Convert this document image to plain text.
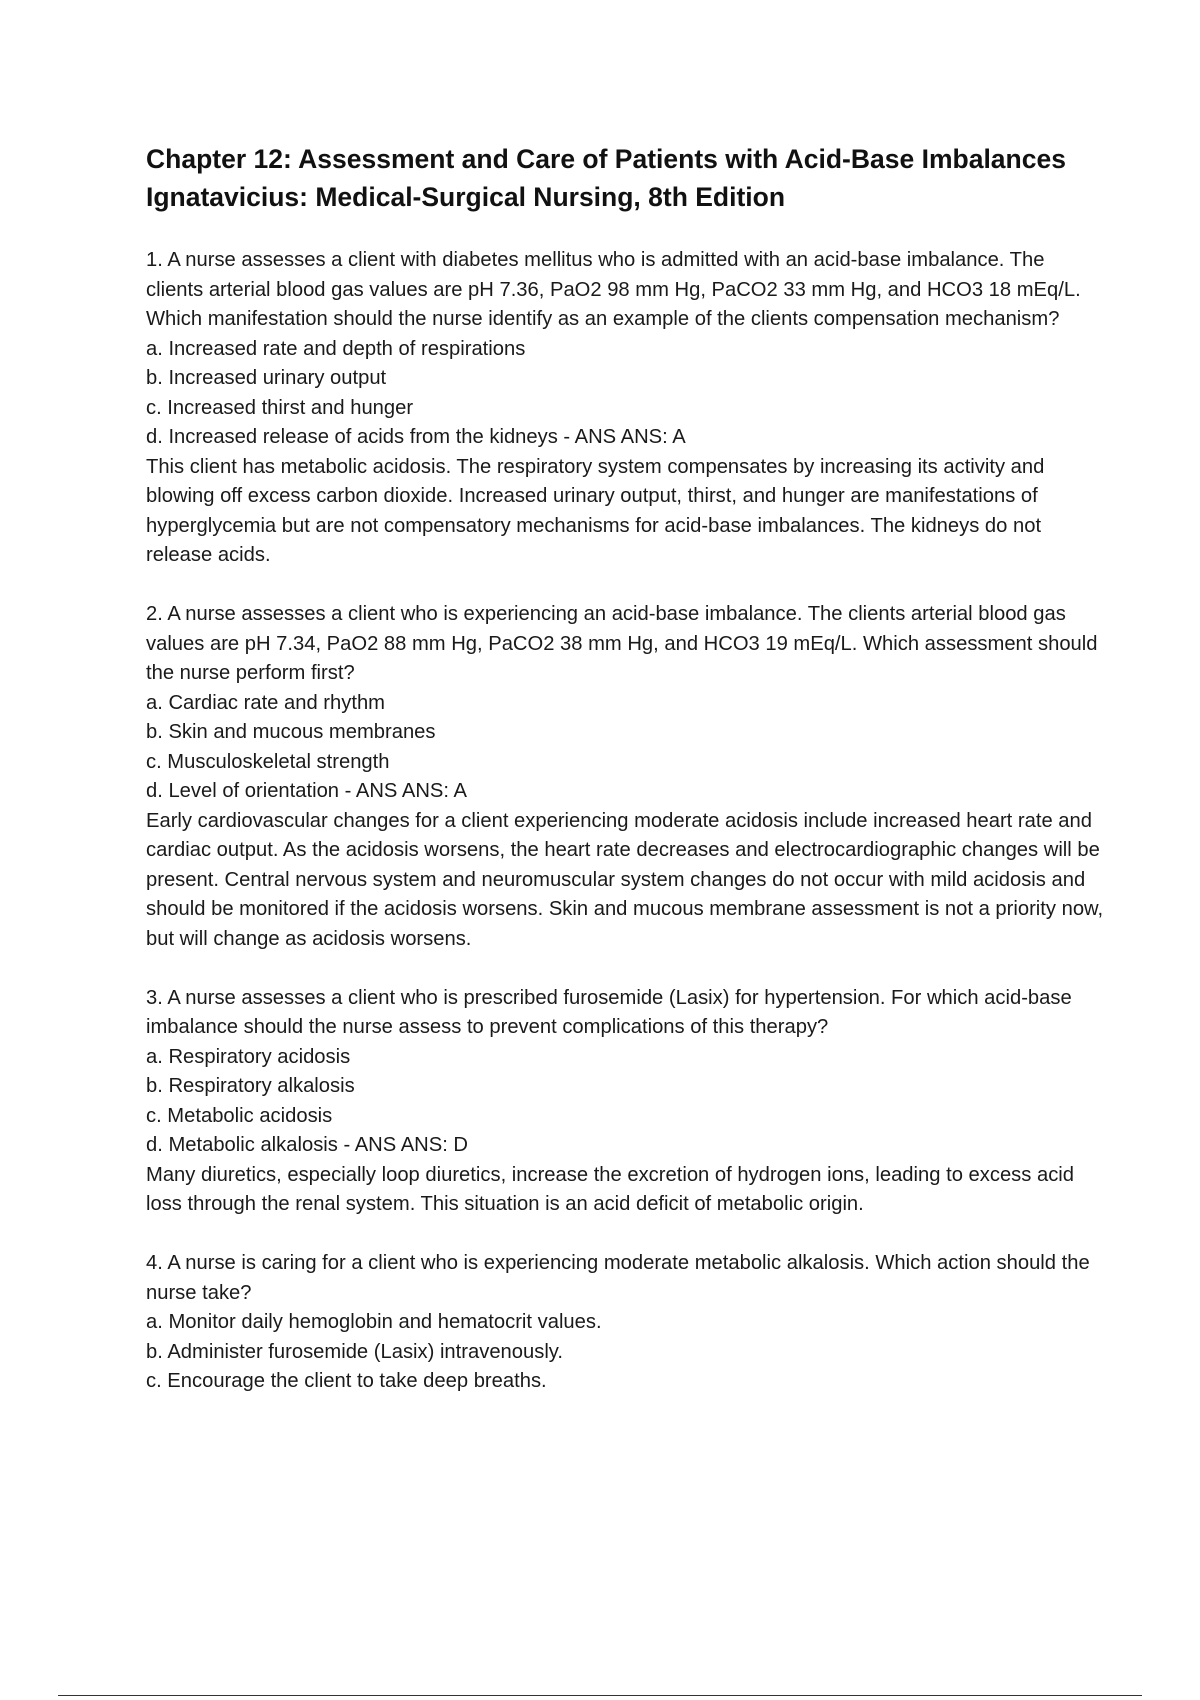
Chapter 12: Assessment and Care of Patients with Acid-Base Imbalances Ignatavicius: Medical-Surgical Nursing, 8th Edition

1. A nurse assesses a client with diabetes mellitus who is admitted with an acid-base imbalance. The clients arterial blood gas values are pH 7.36, PaO2 98 mm Hg, PaCO2 33 mm Hg, and HCO3 18 mEq/L. Which manifestation should the nurse identify as an example of the clients compensation mechanism?

a. Increased rate and depth of respirations
b. Increased urinary output
c. Increased thirst and hunger
d. Increased release of acids from the kidneys - ANS ANS: A

This client has metabolic acidosis. The respiratory system compensates by increasing its activity and blowing off excess carbon dioxide. Increased urinary output, thirst, and hunger are manifestations of hyperglycemia but are not compensatory mechanisms for acid-base imbalances. The kidneys do not release acids.

2. A nurse assesses a client who is experiencing an acid-base imbalance. The clients arterial blood gas values are pH 7.34, PaO2 88 mm Hg, PaCO2 38 mm Hg, and HCO3 19 mEq/L. Which assessment should the nurse perform first?

a. Cardiac rate and rhythm
b. Skin and mucous membranes
c. Musculoskeletal strength
d. Level of orientation - ANS ANS: A

Early cardiovascular changes for a client experiencing moderate acidosis include increased heart rate and cardiac output. As the acidosis worsens, the heart rate decreases and electrocardiographic changes will be present. Central nervous system and neuromuscular system changes do not occur with mild acidosis and should be monitored if the acidosis worsens. Skin and mucous membrane assessment is not a priority now, but will change as acidosis worsens.

3. A nurse assesses a client who is prescribed furosemide (Lasix) for hypertension. For which acid-base imbalance should the nurse assess to prevent complications of this therapy?

a. Respiratory acidosis
b. Respiratory alkalosis
c. Metabolic acidosis
d. Metabolic alkalosis - ANS ANS: D

Many diuretics, especially loop diuretics, increase the excretion of hydrogen ions, leading to excess acid loss through the renal system. This situation is an acid deficit of metabolic origin.

4. A nurse is caring for a client who is experiencing moderate metabolic alkalosis. Which action should the nurse take?

a. Monitor daily hemoglobin and hematocrit values.
b. Administer furosemide (Lasix) intravenously.
c. Encourage the client to take deep breaths.
